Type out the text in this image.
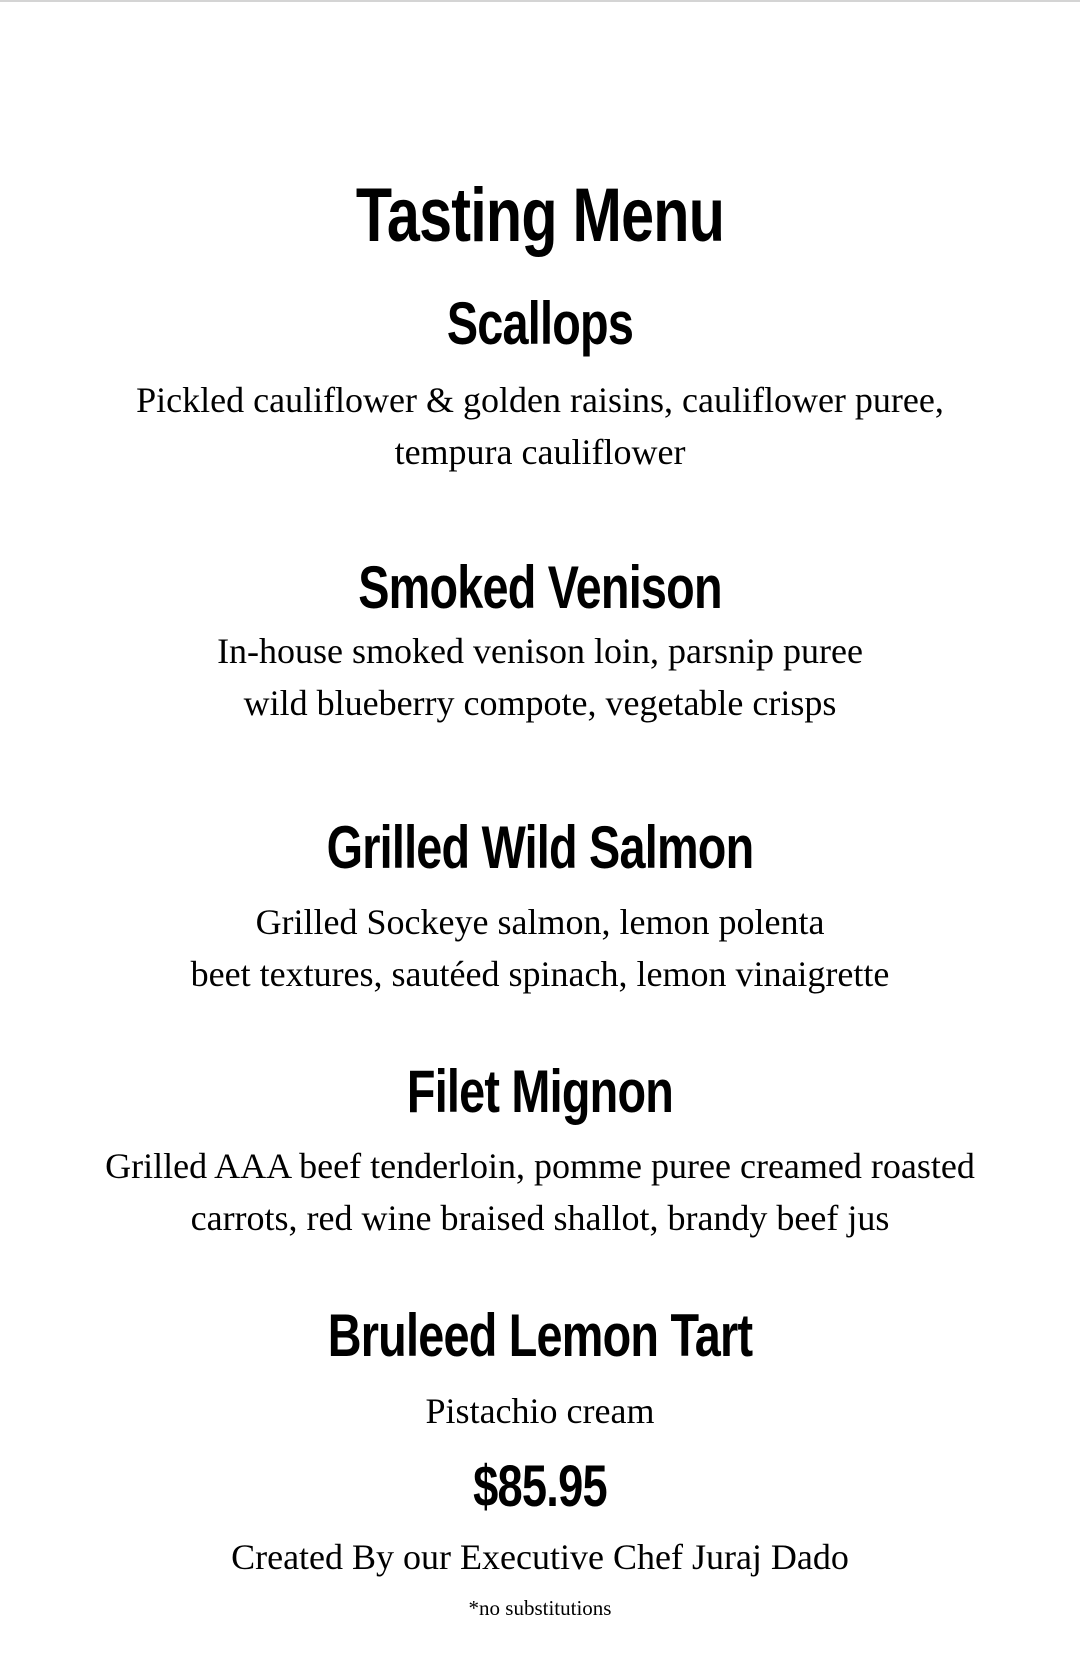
Tasting Menu
Scallops
Pickled cauliflower & golden raisins, cauliflower puree,
tempura cauliflower
Smoked Venison
In-house smoked venison loin, parsnip puree
wild blueberry compote, vegetable crisps
Grilled Wild Salmon
Grilled Sockeye salmon, lemon polenta
beet textures, sautéed spinach, lemon vinaigrette
Filet Mignon
Grilled AAA beef tenderloin, pomme puree creamed roasted
carrots, red wine braised shallot, brandy beef jus
Bruleed Lemon Tart
Pistachio cream
$85.95
Created By our Executive Chef Juraj Dado
*no substitutions
